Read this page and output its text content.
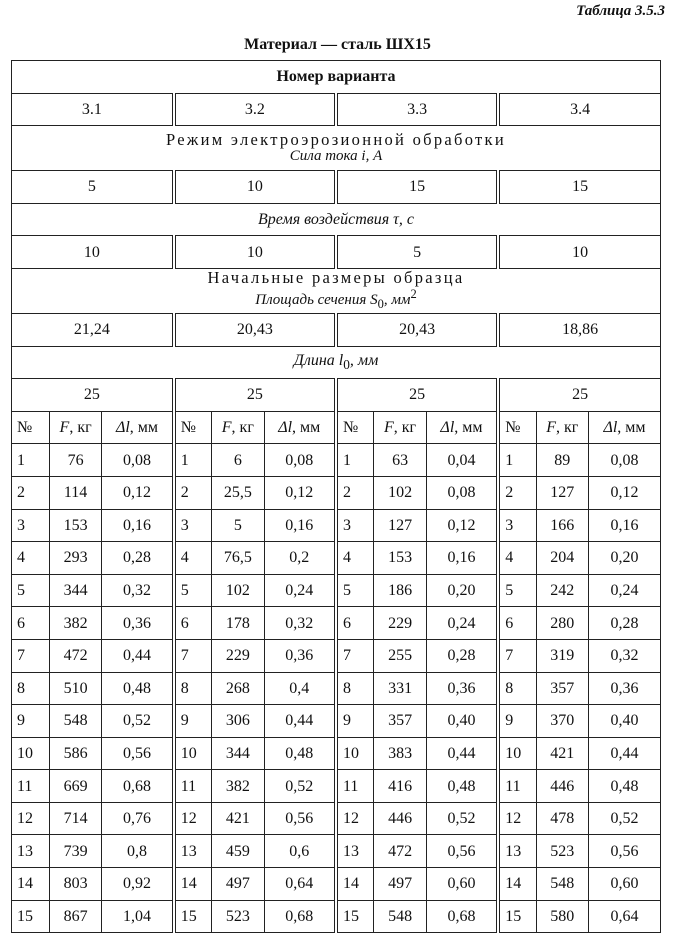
Таблица 3.5.3
Материал — сталь ШХ15
Номер варианта											
3.1			3.2			3.3			3.4		

Режим электроэрозионной обработки
Сила тока i, А											

5			10			15			15		
Время воздействия τ, с											
10			10			5			10		

Начальные размеры образца
Площадь сечения $S_0$, $мм^2$

21,24			20,43			20,43			18,86		
Длина $l_0$, мм											
25			25			25			25		
№	F, кг	Δl, мм	№	F, кг	Δl, мм	№	F, кг	Δl, мм	№	F, кг	Δl, мм
1	76	0,08	1	6	0,08	1	63	0,04	1	89	0,08
2	114	0,12	2	25,5	0,12	2	102	0,08	2	127	0,12
3	153	0,16	3	5	0,16	3	127	0,12	3	166	0,16
4	293	0,28	4	76,5	0,2	4	153	0,16	4	204	0,20
5	344	0,32	5	102	0,24	5	186	0,20	5	242	0,24
6	382	0,36	6	178	0,32	6	229	0,24	6	280	0,28
7	472	0,44	7	229	0,36	7	255	0,28	7	319	0,32
8	510	0,48	8	268	0,4	8	331	0,36	8	357	0,36
9	548	0,52	9	306	0,44	9	357	0,40	9	370	0,40
10	586	0,56	10	344	0,48	10	383	0,44	10	421	0,44
11	669	0,68	11	382	0,52	11	416	0,48	11	446	0,48
12	714	0,76	12	421	0,56	12	446	0,52	12	478	0,52
13	739	0,8	13	459	0,6	13	472	0,56	13	523	0,56
14	803	0,92	14	497	0,64	14	497	0,60	14	548	0,60
15	867	1,04	15	523	0,68	15	548	0,68	15	580	0,64
